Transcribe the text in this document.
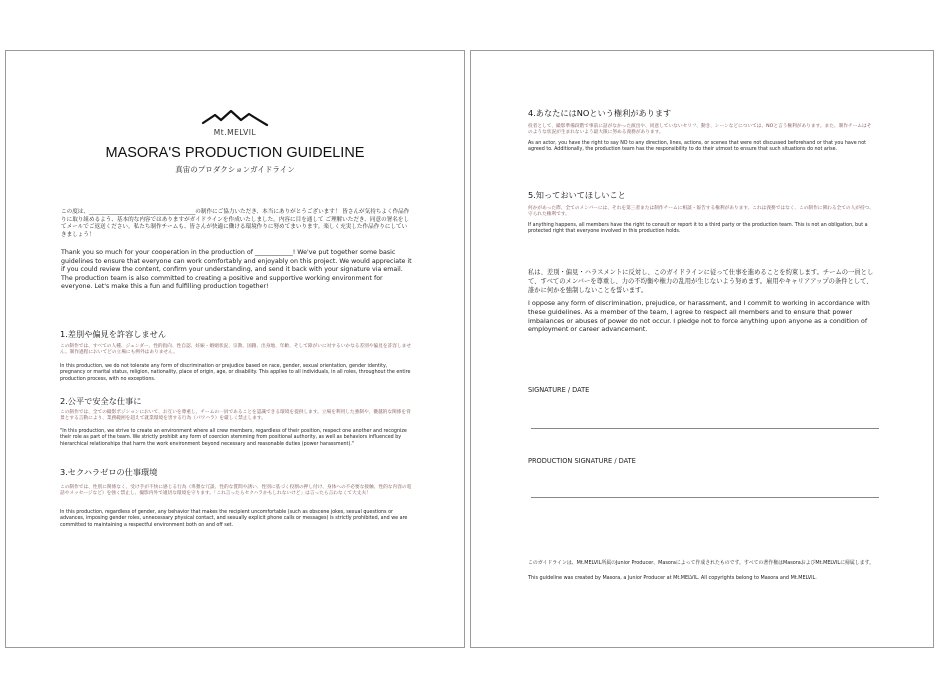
Mt.MELVIL
MASORA'S PRODUCTION GUIDELINE
真宙のプロダクションガイドライン
この度は、______________________________________の制作にご協力いただき、本当にありがとうございます！ 皆さんが気持ちよく作品作りに取り組めるよう、基本的な内容ではありますがガイドラインを作成いたしました。内容に目を通して ご理解いただき、同意の署名をしてメールでご返送ください。私たち制作チームも、皆さんが快適に働ける環境作りに努めてまいります。楽しく充実した作品作りにしていきましょう！
Thank you so much for your cooperation in the production of ____________! We've put together some basic guidelines to ensure that everyone can work comfortably and enjoyably on this project. We would appreciate it if you could review the content, confirm your understanding, and send it back with your signature via email. The production team is also committed to creating a positive and supportive working environment for everyone. Let's make this a fun and fulfilling production together!
1.差別や偏見を許容しません
この制作では、すべての人種、ジェンダー、性的指向、性自認、妊娠・婚姻状況、宗教、国籍、出身地、年齢、そして障がいに対するいかなる差別や偏見を許容しません。制作過程においてどの立場にも例外はありません。
In this production, we do not tolerate any form of discrimination or prejudice based on race, gender, sexual orientation, gender identity, pregnancy or marital status, religion, nationality, place of origin, age, or disability. This applies to all individuals, in all roles, throughout the entire production process, with no exceptions.
2.公平で安全な仕事に
この制作では、全ての撮影ポジションにおいて、お互いを尊重し、チームの一員であることを認識できる環境を提供します。立場を利用した強制や、優越的な関係を背景とする言動により、業務範囲を超えて就業環境を害する行為（パワハラ）を厳しく禁止します。
"In this production, we strive to create an environment where all crew members, regardless of their position, respect one another and recognize their role as part of the team. We strictly prohibit any form of coercion stemming from positional authority, as well as behaviors influenced by hierarchical relationships that harm the work environment beyond necessary and reasonable duties (power harassment)."
3.セクハラゼロの仕事環境
この制作では、性別に関係なく、受け手が不快に感じる行為（卑猥な冗談、性的な質問や誘い、性別に基づく役割の押し付け、身体への不必要な接触、性的な内容の電話やメッセージなど）を強く禁止し、撮影内外で適切な環境を守ります。「これ言ったらセクハラかもしれないけど」は言ったら言わなくて大丈夫！
In this production, regardless of gender, any behavior that makes the recipient uncomfortable (such as obscene jokes, sexual questions or advances, imposing gender roles, unnecessary physical contact, and sexually explicit phone calls or messages) is strictly prohibited, and we are committed to maintaining a respectful environment both on and off set.
4.あなたにはNOという権利があります
役者として、撮影準備段階で事前に話がなかった演出や、同意していないセリフ、動き、シーンなどについては、NOと言う権利があります。また、制作チームはそのような状況が生まれないよう最大限に努める義務があります。
As an actor, you have the right to say NO to any direction, lines, actions, or scenes that were not discussed beforehand or that you have not agreed to. Additionally, the production team has the responsibility to do their utmost to ensure that such situations do not arise.
5.知っておいてほしいこと
何かがあった際、全てのメンバーには、それを第三者または制作チームに相談・報告する権利があります。これは義務ではなく、この制作に関わる全ての人が持つ、守られた権利です。
If anything happens, all members have the right to consult or report it to a third party or the production team. This is not an obligation, but a protected right that everyone involved in this production holds.
私は、差別・偏見・ハラスメントに反対し、このガイドラインに従って仕事を進めることを約束します。チームの一員として、すべてのメンバーを尊重し、力の不均衡や権力の乱用が生じないよう努めます。雇用やキャリアアップの条件として、誰かに何かを強制しないことを誓います。
I oppose any form of discrimination, prejudice, or harassment, and I commit to working in accordance with these guidelines. As a member of the team, I agree to respect all members and to ensure that power imbalances or abuses of power do not occur. I pledge not to force anything upon anyone as a condition of employment or career advancement.
SIGNATURE / DATE
PRODUCTION SIGNATURE / DATE
このガイドラインは、Mt.MELVIL所属のJunior Producer、Masoraによって作成されたものです。すべての著作権はMasoraおよびMt.MELVILに帰属します。
This guideline was created by Masora, a Junior Producer at Mt.MELVIL. All copyrights belong to Masora and Mt.MELVIL.
